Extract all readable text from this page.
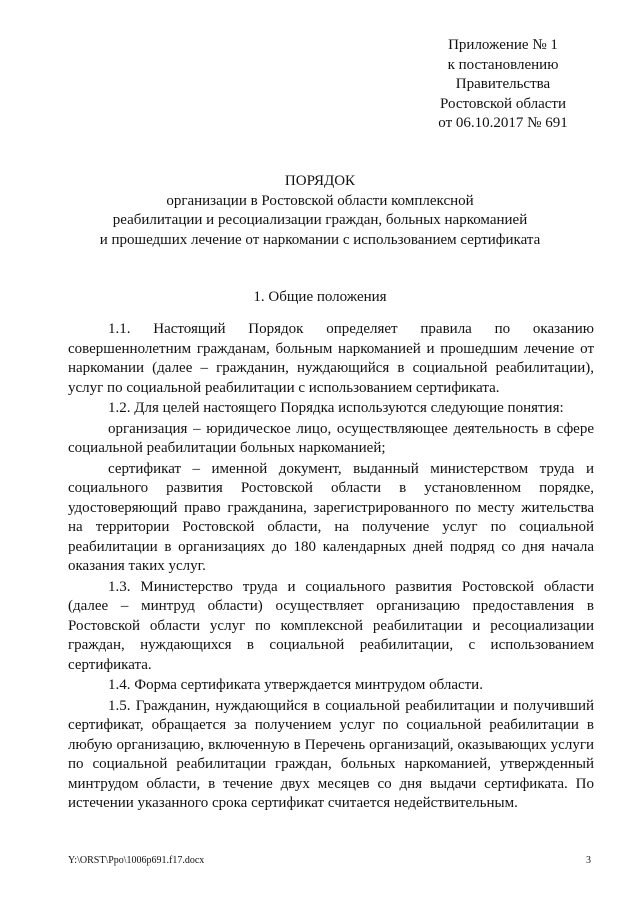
Приложение № 1
к постановлению
Правительства
Ростовской области
от 06.10.2017 № 691
ПОРЯДОК
организации в Ростовской области комплексной
реабилитации и ресоциализации граждан, больных наркоманией
и прошедших лечение от наркомании с использованием сертификата
1. Общие положения

1.1. Настоящий Порядок определяет правила по оказанию совершеннолетним гражданам, больным наркоманией и прошедшим лечение от наркомании (далее – гражданин, нуждающийся в социальной реабилитации), услуг по социальной реабилитации с использованием сертификата.

1.2. Для целей настоящего Порядка используются следующие понятия:

организация – юридическое лицо, осуществляющее деятельность в сфере социальной реабилитации больных наркоманией;

сертификат – именной документ, выданный министерством труда и социального развития Ростовской области в установленном порядке, удостоверяющий право гражданина, зарегистрированного по месту жительства на территории Ростовской области, на получение услуг по социальной реабилитации в организациях до 180 календарных дней подряд со дня начала оказания таких услуг.

1.3. Министерство труда и социального развития Ростовской области (далее – минтруд области) осуществляет организацию предоставления в Ростовской области услуг по комплексной реабилитации и ресоциализации граждан, нуждающихся в социальной реабилитации, с использованием сертификата.

1.4. Форма сертификата утверждается минтрудом области.

1.5. Гражданин, нуждающийся в социальной реабилитации и получивший сертификат, обращается за получением услуг по социальной реабилитации в любую организацию, включенную в Перечень организаций, оказывающих услуги по социальной реабилитации граждан, больных наркоманией, утвержденный минтрудом области, в течение двух месяцев со дня выдачи сертификата. По истечении указанного срока сертификат считается недействительным.

Y:\ORST\Ppo\1006p691.f17.docx	3
